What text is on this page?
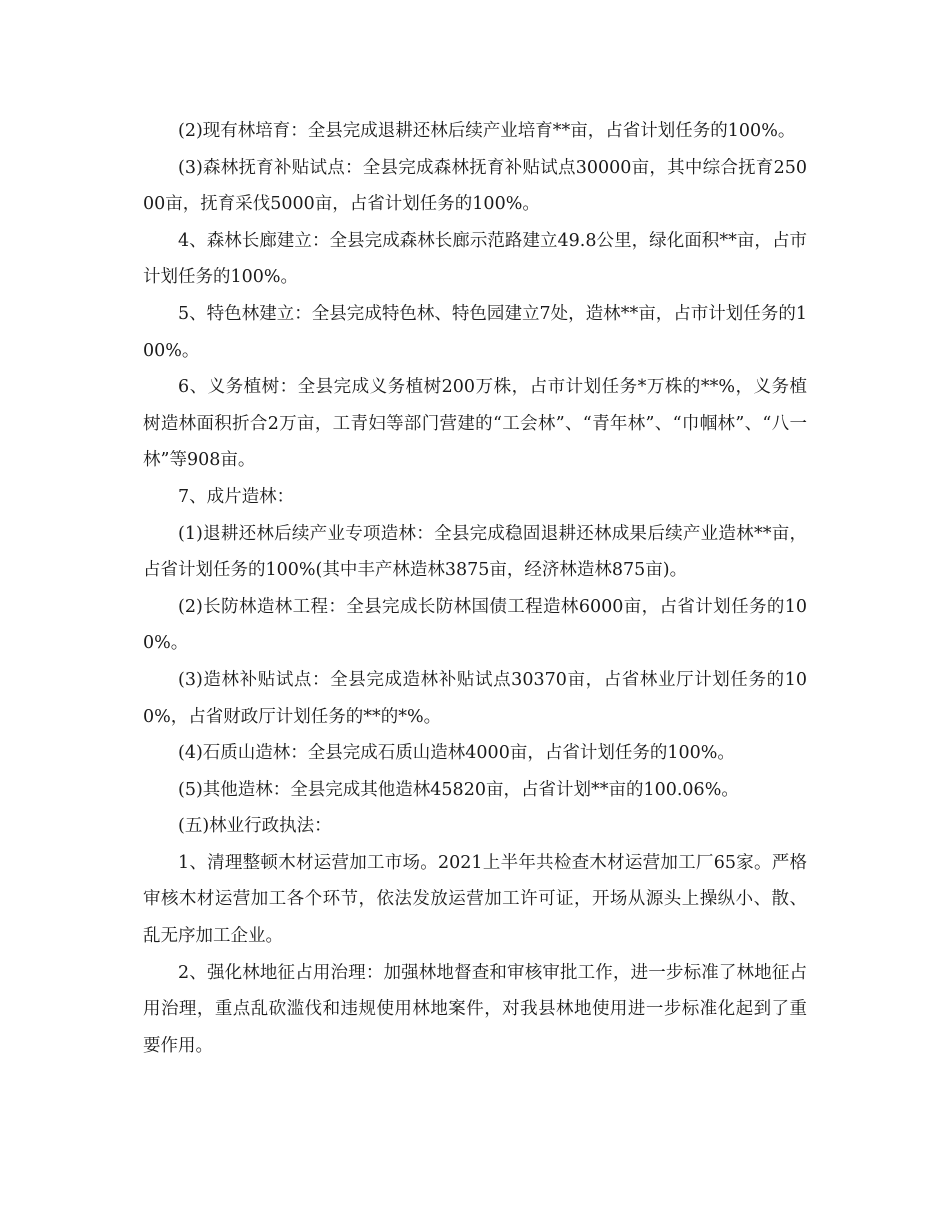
(2)现有林培育：全县完成退耕还林后续产业培育**亩，占省计划任务的100%。

(3)森林抚育补贴试点：全县完成森林抚育补贴试点30000亩，其中综合抚育25000亩，抚育采伐5000亩，占省计划任务的100%。

4、森林长廊建立：全县完成森林长廊示范路建立49.8公里，绿化面积**亩，占市计划任务的100%。

5、特色林建立：全县完成特色林、特色园建立7处，造林**亩，占市计划任务的100%。

6、义务植树：全县完成义务植树200万株，占市计划任务*万株的**%，义务植树造林面积折合2万亩，工青妇等部门营建的“工会林”、“青年林”、“巾帼林”、“八一林”等908亩。

7、成片造林：

(1)退耕还林后续产业专项造林：全县完成稳固退耕还林成果后续产业造林**亩，占省计划任务的100%(其中丰产林造林3875亩，经济林造林875亩)。

(2)长防林造林工程：全县完成长防林国债工程造林6000亩，占省计划任务的100%。

(3)造林补贴试点：全县完成造林补贴试点30370亩，占省林业厅计划任务的100%，占省财政厅计划任务的**的*%。

(4)石质山造林：全县完成石质山造林4000亩，占省计划任务的100%。

(5)其他造林：全县完成其他造林45820亩，占省计划**亩的100.06%。

(五)林业行政执法：

1、清理整顿木材运营加工市场。2021上半年共检查木材运营加工厂65家。严格审核木材运营加工各个环节，依法发放运营加工许可证，开场从源头上操纵小、散、乱无序加工企业。

2、强化林地征占用治理：加强林地督查和审核审批工作，进一步标准了林地征占用治理，重点乱砍滥伐和违规使用林地案件，对我县林地使用进一步标准化起到了重要作用。
